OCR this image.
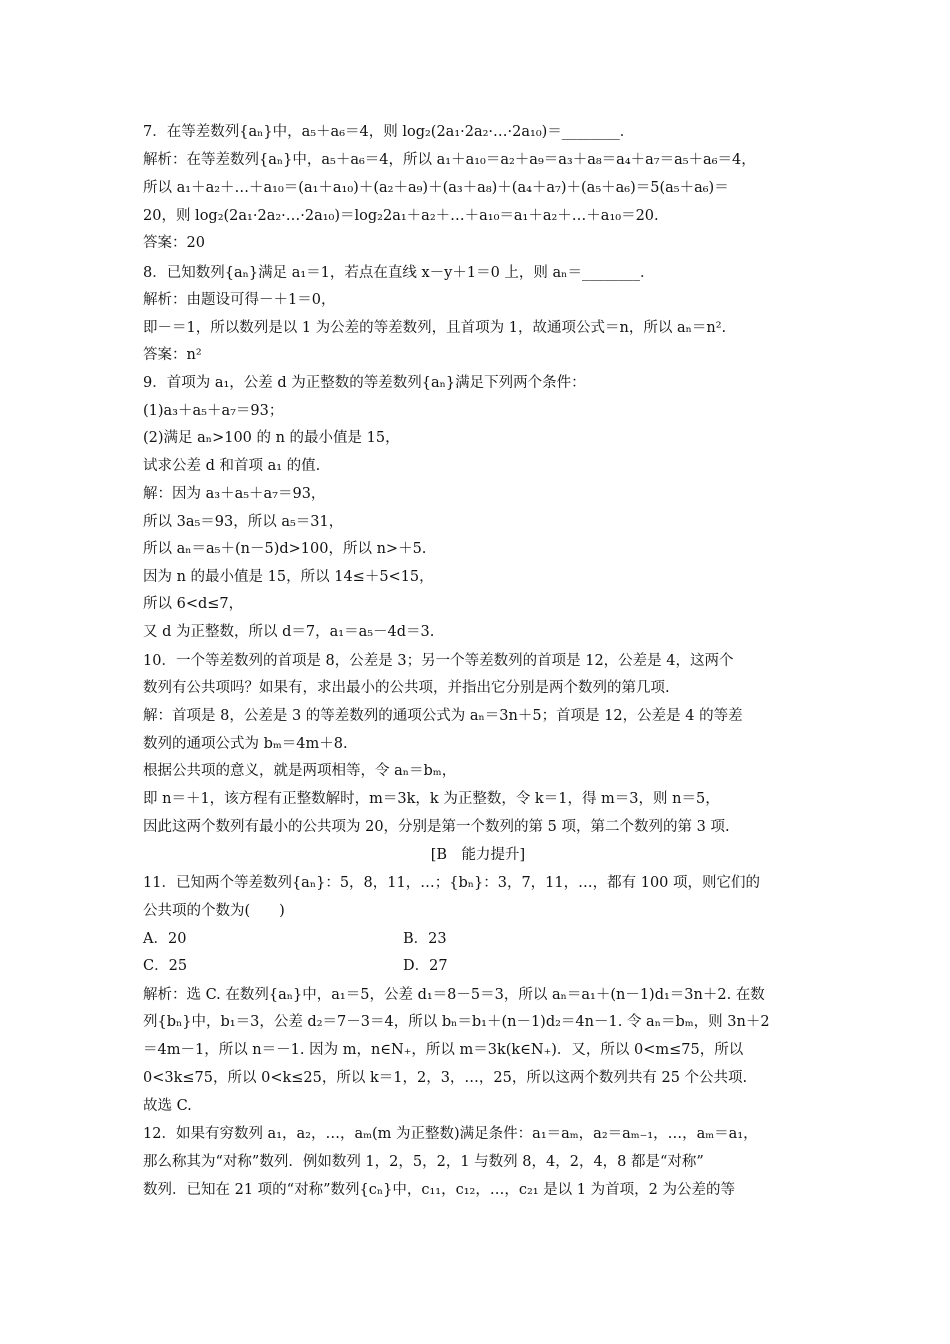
7．在等差数列{aₙ}中，a₅＋a₆＝4，则 log₂(2a₁·2a₂·…·2a₁₀)＝________．
解析：在等差数列{aₙ}中，a₅＋a₆＝4，所以 a₁＋a₁₀＝a₂＋a₉＝a₃＋a₈＝a₄＋a₇＝a₅＋a₆＝4，
所以 a₁＋a₂＋…＋a₁₀＝(a₁＋a₁₀)＋(a₂＋a₉)＋(a₃＋a₈)＋(a₄＋a₇)＋(a₅＋a₆)＝5(a₅＋a₆)＝
20，则 log₂(2a₁·2a₂·…·2a₁₀)＝log₂2a₁＋a₂＋…＋a₁₀＝a₁＋a₂＋…＋a₁₀＝20.
答案：20
8．已知数列{aₙ}满足 a₁＝1，若点在直线 x－y＋1＝0 上，则 aₙ＝________．
解析：由题设可得－＋1＝0，
即－＝1，所以数列是以 1 为公差的等差数列，且首项为 1，故通项公式＝n，所以 aₙ＝n².
答案：n²
9．首项为 a₁，公差 d 为正整数的等差数列{aₙ}满足下列两个条件：
(1)a₃＋a₅＋a₇＝93；
(2)满足 aₙ>100 的 n 的最小值是 15，
试求公差 d 和首项 a₁ 的值.
解：因为 a₃＋a₅＋a₇＝93，
所以 3a₅＝93，所以 a₅＝31，
所以 aₙ＝a₅＋(n－5)d>100，所以 n>＋5.
因为 n 的最小值是 15，所以 14≤＋5<15，
所以 6<d≤7，
又 d 为正整数，所以 d＝7，a₁＝a₅－4d＝3.
10．一个等差数列的首项是 8，公差是 3；另一个等差数列的首项是 12，公差是 4，这两个
数列有公共项吗？如果有，求出最小的公共项，并指出它分别是两个数列的第几项.
解：首项是 8，公差是 3 的等差数列的通项公式为 aₙ＝3n＋5；首项是 12，公差是 4 的等差
数列的通项公式为 bₘ＝4m＋8.
根据公共项的意义，就是两项相等，令 aₙ＝bₘ，
即 n＝＋1，该方程有正整数解时，m＝3k，k 为正整数，令 k＝1，得 m＝3，则 n＝5，
因此这两个数列有最小的公共项为 20，分别是第一个数列的第 5 项，第二个数列的第 3 项.
[B　能力提升]
11．已知两个等差数列{aₙ}：5，8，11，…；{bₙ}：3，7，11，…，都有 100 项，则它们的
公共项的个数为(　　)
A．20	B．23
C．25	D．27
解析：选 C. 在数列{aₙ}中，a₁＝5，公差 d₁＝8－5＝3，所以 aₙ＝a₁＋(n－1)d₁＝3n＋2. 在数
列{bₙ}中，b₁＝3，公差 d₂＝7－3＝4，所以 bₙ＝b₁＋(n－1)d₂＝4n－1. 令 aₙ＝bₘ，则 3n＋2
＝4m－1，所以 n＝－1. 因为 m，n∈N₊，所以 m＝3k(k∈N₊)．又，所以 0<m≤75，所以
0<3k≤75，所以 0<k≤25，所以 k＝1，2，3，…，25，所以这两个数列共有 25 个公共项.
故选 C.
12．如果有穷数列 a₁，a₂，…，aₘ(m 为正整数)满足条件：a₁＝aₘ，a₂＝aₘ₋₁，…，aₘ＝a₁，
那么称其为“对称”数列．例如数列 1，2，5，2，1 与数列 8，4，2，4，8 都是“对称”
数列．已知在 21 项的“对称”数列{cₙ}中，c₁₁，c₁₂，…，c₂₁ 是以 1 为首项，2 为公差的等
